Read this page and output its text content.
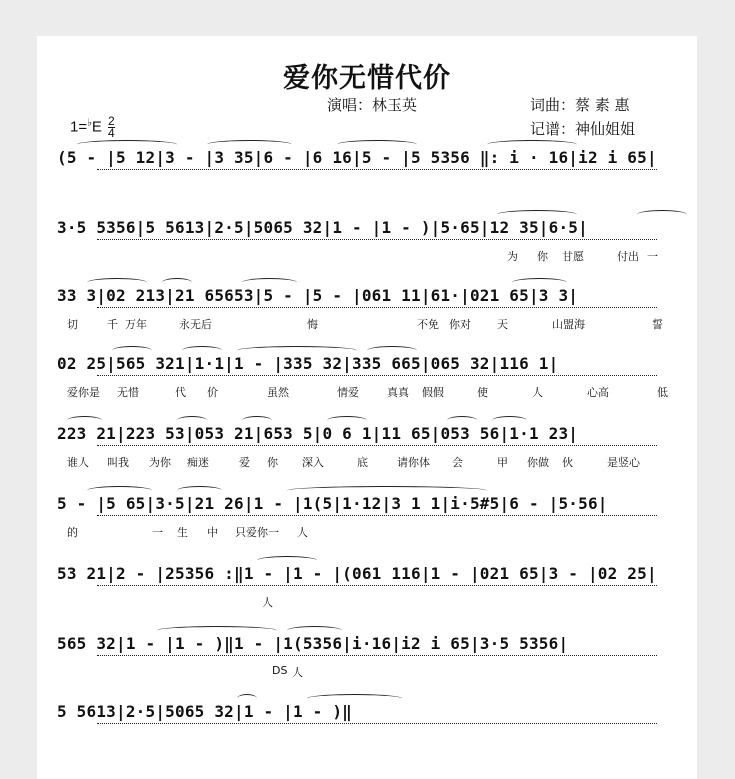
爱你无惜代价
演唱：林玉英	词曲：蔡 素 惠
记谱：神仙姐姐
$1=^♭E \frac{2}{4}$
(5 - |5 12|3 - |3 35|6 - |6 16|5 - |5 5356 ‖: i · 16|i2 i 65|
3·5 5356|5 5613|2·5|5065 32|1 - |1 - )|5·65|12 35|6·5|
为 你 甘愿	付出 一
33 3|02 213|21 65653|5 - |5 - |061 11|61·|021 65|3 3|
切	千 万年	永无后	悔	不免 你对 天	山盟海	誓
02 25|565 321|1·1|1 - |335 32|335 665|065 32|116 1|
爱你是 无惜	代 价	虽然	情爱	真真 假假	使	人	心高	低
223 21|223 53|053 21|653 5|0 6 1|11 65|053 56|1·1 23|
谁人 叫我 为你 痴迷	爱 你 深入	底	请你体 会	甲 你做 伙	是竖心
5 - |5 65|3·5|21 26|1 - |1(5|1·12|3 1 1|i·5#5|6 - |5·56|
的	一 生 中 只爱你一 人
53 21|2 - |25356 :‖1 - |1 - |(061 116|1 - |021 65|3 - |02 25|
人
565 32|1 - |1 - )‖1 - |1(5356|i·16|i2 i 65|3·5 5356|
DS 人
5 5613|2·5|5065 32|1 - |1 - )‖
